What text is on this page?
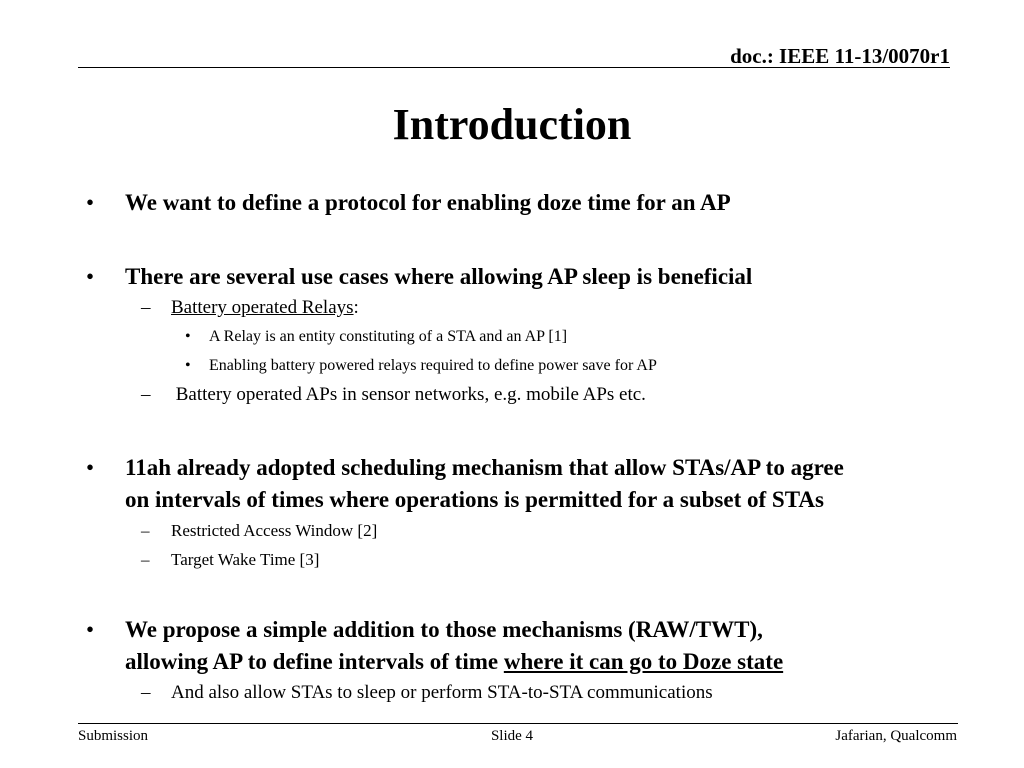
doc.: IEEE 11-13/0070r1
Introduction
• We want to define a protocol for enabling doze time for an AP
• There are several use cases where allowing AP sleep is beneficial
– Battery operated Relays:
• A Relay is an entity constituting of a STA and an AP [1]
• Enabling battery powered relays required to define power save for AP
– Battery operated APs in sensor networks, e.g. mobile APs etc.
• 11ah already adopted scheduling mechanism that allow STAs/AP to agree
on intervals of times where operations is permitted for a subset of STAs
– Restricted Access Window [2]
– Target Wake Time [3]
• We propose a simple addition to those mechanisms (RAW/TWT),
allowing AP to define intervals of time where it can go to Doze state
– And also allow STAs to sleep or perform STA-to-STA communications
Submission	Slide 4	Jafarian, Qualcomm
